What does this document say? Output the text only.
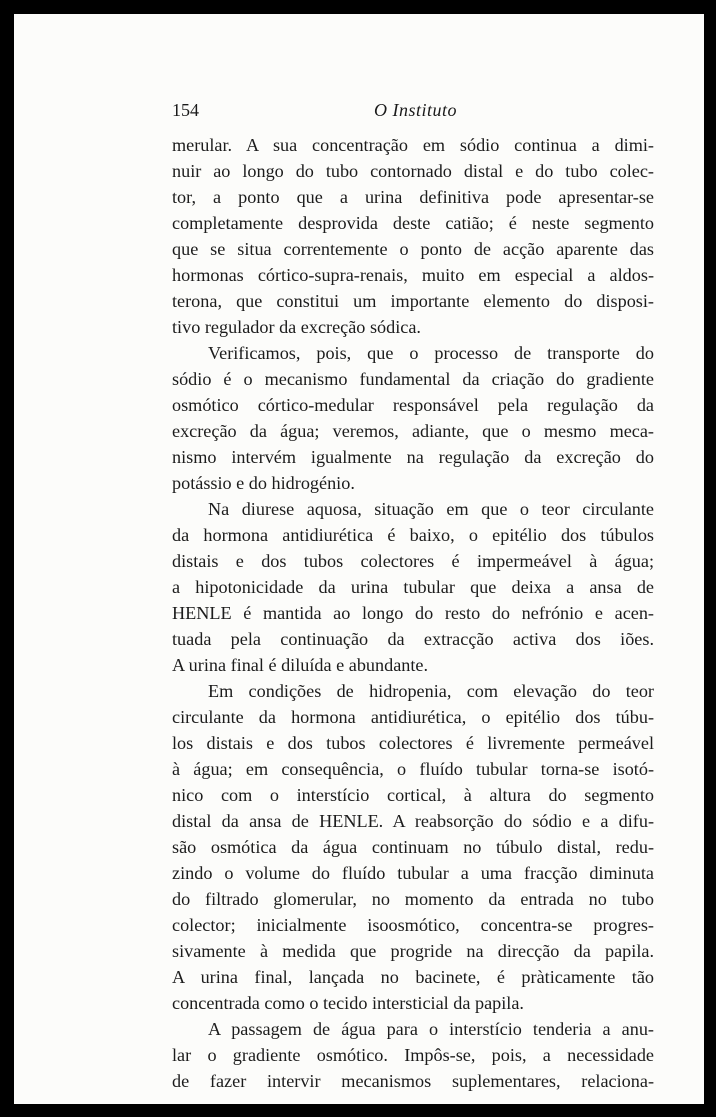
154	O Instituto
merular. A sua concentração em sódio continua a dimi-
nuir ao longo do tubo contornado distal e do tubo colec-
tor, a ponto que a urina definitiva pode apresentar-se
completamente desprovida deste catião; é neste segmento
que se situa correntemente o ponto de acção aparente das
hormonas córtico-supra-renais, muito em especial a aldos-
terona, que constitui um importante elemento do disposi-
tivo regulador da excreção sódica.
Verificamos, pois, que o processo de transporte do
sódio é o mecanismo fundamental da criação do gradiente
osmótico córtico-medular responsável pela regulação da
excreção da água; veremos, adiante, que o mesmo meca-
nismo intervém igualmente na regulação da excreção do
potássio e do hidrogénio.
Na diurese aquosa, situação em que o teor circulante
da hormona antidiurética é baixo, o epitélio dos túbulos
distais e dos tubos colectores é impermeável à água;
a hipotonicidade da urina tubular que deixa a ansa de
HENLE é mantida ao longo do resto do nefrónio e acen-
tuada pela continuação da extracção activa dos iões.
A urina final é diluída e abundante.
Em condições de hidropenia, com elevação do teor
circulante da hormona antidiurética, o epitélio dos túbu-
los distais e dos tubos colectores é livremente permeável
à água; em consequência, o fluído tubular torna-se isotó-
nico com o interstício cortical, à altura do segmento
distal da ansa de HENLE. A reabsorção do sódio e a difu-
são osmótica da água continuam no túbulo distal, redu-
zindo o volume do fluído tubular a uma fracção diminuta
do filtrado glomerular, no momento da entrada no tubo
colector; inicialmente isoosmótico, concentra-se progres-
sivamente à medida que progride na direcção da papila.
A urina final, lançada no bacinete, é pràticamente tão
concentrada como o tecido intersticial da papila.
A passagem de água para o interstício tenderia a anu-
lar o gradiente osmótico. Impôs-se, pois, a necessidade
de fazer intervir mecanismos suplementares, relaciona-
